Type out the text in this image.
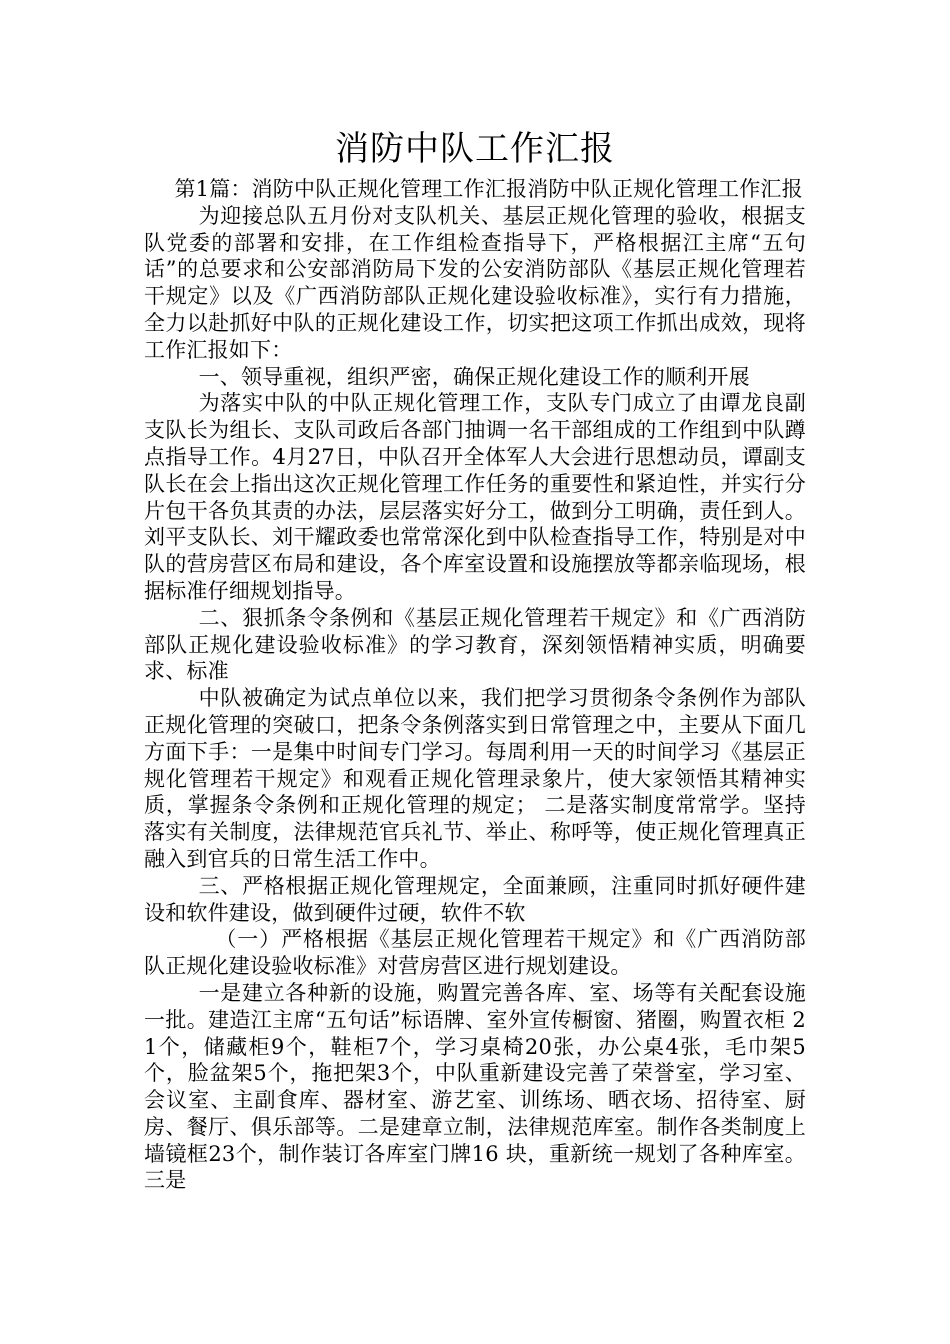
消防中队工作汇报

第1篇：消防中队正规化管理工作汇报消防中队正规化管理工作汇报

为迎接总队五月份对支队机关、基层正规化管理的验收，根据支队党委的部署和安排，在工作组检查指导下，严格根据江主席“五句话”的总要求和公安部消防局下发的公安消防部队《基层正规化管理若干规定》以及《广西消防部队正规化建设验收标准》，实行有力措施，全力以赴抓好中队的正规化建设工作，切实把这项工作抓出成效，现将工作汇报如下：

一、领导重视，组织严密，确保正规化建设工作的顺利开展

为落实中队的中队正规化管理工作，支队专门成立了由谭龙良副支队长为组长、支队司政后各部门抽调一名干部组成的工作组到中队蹲点指导工作。4月27日，中队召开全体军人大会进行思想动员，谭副支队长在会上指出这次正规化管理工作任务的重要性和紧迫性，并实行分片包干各负其责的办法，层层落实好分工，做到分工明确，责任到人。刘平支队长、刘干耀政委也常常深化到中队检查指导工作，特别是对中队的营房营区布局和建设，各个库室设置和设施摆放等都亲临现场，根据标准仔细规划指导。

二、狠抓条令条例和《基层正规化管理若干规定》和《广西消防部队正规化建设验收标准》的学习教育，深刻领悟精神实质，明确要求、标准

中队被确定为试点单位以来，我们把学习贯彻条令条例作为部队正规化管理的突破口，把条令条例落实到日常管理之中，主要从下面几方面下手：一是集中时间专门学习。每周利用一天的时间学习《基层正规化管理若干规定》和观看正规化管理录象片，使大家领悟其精神实质，掌握条令条例和正规化管理的规定； 二是落实制度常常学。坚持落实有关制度，法律规范官兵礼节、举止、称呼等，使正规化管理真正融入到官兵的日常生活工作中。

三、严格根据正规化管理规定，全面兼顾，注重同时抓好硬件建设和软件建设，做到硬件过硬，软件不软

（一）严格根据《基层正规化管理若干规定》和《广西消防部队正规化建设验收标准》对营房营区进行规划建设。

一是建立各种新的设施，购置完善各库、室、场等有关配套设施一批。建造江主席“五句话”标语牌、室外宣传橱窗、猪圈，购置衣柜 21个，储藏柜9个，鞋柜7个，学习桌椅20张，办公桌4张，毛巾架5个，脸盆架5个，拖把架3个，中队重新建设完善了荣誉室，学习室、会议室、主副食库、器材室、游艺室、训练场、晒衣场、招待室、厨房、餐厅、俱乐部等。二是建章立制，法律规范库室。制作各类制度上墙镜框23个，制作装订各库室门牌16 块，重新统一规划了各种库室。三是
